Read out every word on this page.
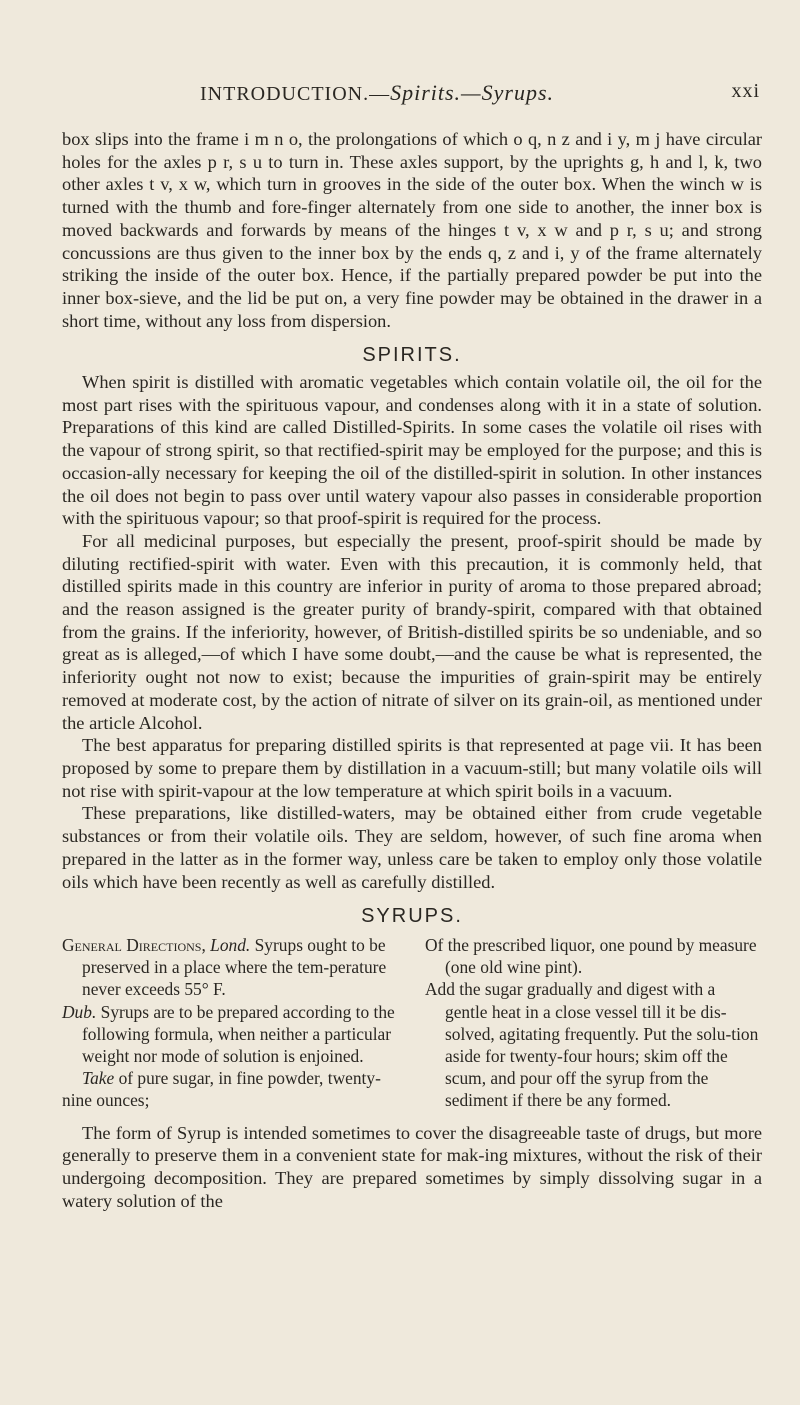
INTRODUCTION.—Spirits.—Syrups.	xxi

box slips into the frame i m n o, the prolongations of which o q, n z and i y, m j have circular holes for the axles p r, s u to turn in. These axles support, by the uprights g, h and l, k, two other axles t v, x w, which turn in grooves in the side of the outer box. When the winch w is turned with the thumb and fore-finger alternately from one side to another, the inner box is moved backwards and forwards by means of the hinges t v, x w and p r, s u; and strong concussions are thus given to the inner box by the ends q, z and i, y of the frame alternately striking the inside of the outer box. Hence, if the partially prepared powder be put into the inner box-sieve, and the lid be put on, a very fine powder may be obtained in the drawer in a short time, without any loss from dispersion.

SPIRITS.

When spirit is distilled with aromatic vegetables which contain volatile oil, the oil for the most part rises with the spirituous vapour, and condenses along with it in a state of solution. Preparations of this kind are called Distilled-Spirits. In some cases the volatile oil rises with the vapour of strong spirit, so that rectified-spirit may be employed for the purpose; and this is occasion-ally necessary for keeping the oil of the distilled-spirit in solution. In other instances the oil does not begin to pass over until watery vapour also passes in considerable proportion with the spirituous vapour; so that proof-spirit is required for the process.

For all medicinal purposes, but especially the present, proof-spirit should be made by diluting rectified-spirit with water. Even with this precaution, it is commonly held, that distilled spirits made in this country are inferior in purity of aroma to those prepared abroad; and the reason assigned is the greater purity of brandy-spirit, compared with that obtained from the grains. If the inferiority, however, of British-distilled spirits be so undeniable, and so great as is alleged,—of which I have some doubt,—and the cause be what is represented, the inferiority ought not now to exist; because the impurities of grain-spirit may be entirely removed at moderate cost, by the action of nitrate of silver on its grain-oil, as mentioned under the article Alcohol.

The best apparatus for preparing distilled spirits is that represented at page vii. It has been proposed by some to prepare them by distillation in a vacuum-still; but many volatile oils will not rise with spirit-vapour at the low temperature at which spirit boils in a vacuum.

These preparations, like distilled-waters, may be obtained either from crude vegetable substances or from their volatile oils. They are seldom, however, of such fine aroma when prepared in the latter as in the former way, unless care be taken to employ only those volatile oils which have been recently as well as carefully distilled.

SYRUPS.

General Directions, Lond. Syrups ought to be preserved in a place where the tem-perature never exceeds 55° F.

Dub. Syrups are to be prepared according to the following formula, when neither a particular weight nor mode of solution is enjoined.

Take of pure sugar, in fine powder, twenty-nine ounces;

Of the prescribed liquor, one pound by measure (one old wine pint).

Add the sugar gradually and digest with a gentle heat in a close vessel till it be dis-solved, agitating frequently. Put the solu-tion aside for twenty-four hours; skim off the scum, and pour off the syrup from the sediment if there be any formed.

The form of Syrup is intended sometimes to cover the disagreeable taste of drugs, but more generally to preserve them in a convenient state for mak-ing mixtures, without the risk of their undergoing decomposition. They are prepared sometimes by simply dissolving sugar in a watery solution of the
